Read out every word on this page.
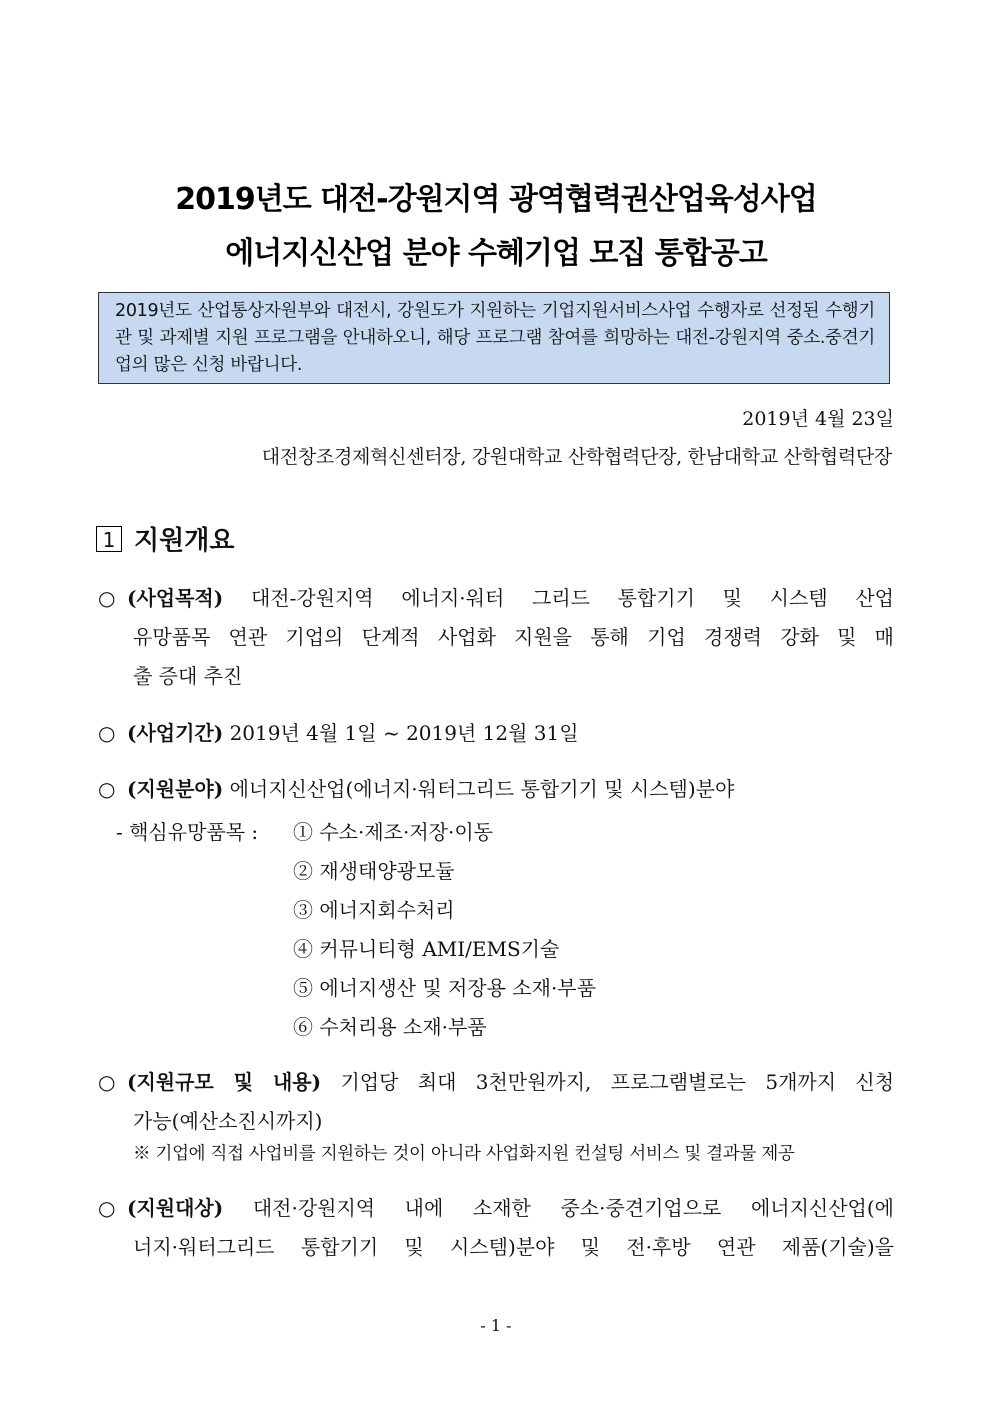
2019년도 대전-강원지역 광역협력권산업육성사업
에너지신산업 분야 수혜기업 모집 통합공고
2019년도 산업통상자원부와 대전시, 강원도가 지원하는 기업지원서비스사업 수행자로 선정된 수행기관 및 과제별 지원 프로그램을 안내하오니, 해당 프로그램 참여를 희망하는 대전-강원지역 중소.중견기업의 많은 신청 바랍니다.
2019년 4월 23일
대전창조경제혁신센터장, 강원대학교 산학협력단장, 한남대학교 산학협력단장
1 지원개요
○ (사업목적) 대전-강원지역 에너지·워터 그리드 통합기기 및 시스템 산업
유망품목 연관 기업의 단계적 사업화 지원을 통해 기업 경쟁력 강화 및 매
출 증대 추진
○ (사업기간) 2019년 4월 1일 ~ 2019년 12월 31일
○ (지원분야) 에너지신산업(에너지·워터그리드 통합기기 및 시스템)분야
- 핵심유망품목 : ① 수소·제조·저장·이동
② 재생태양광모듈
③ 에너지회수처리
④ 커뮤니티형 AMI/EMS기술
⑤ 에너지생산 및 저장용 소재·부품
⑥ 수처리용 소재·부품
○ (지원규모 및 내용) 기업당 최대 3천만원까지, 프로그램별로는 5개까지 신청
가능(예산소진시까지)
※ 기업에 직접 사업비를 지원하는 것이 아니라 사업화지원 컨설팅 서비스 및 결과물 제공
○ (지원대상) 대전·강원지역 내에 소재한 중소·중견기업으로 에너지신산업(에
너지·워터그리드 통합기기 및 시스템)분야 및 전·후방 연관 제품(기술)을
- 1 -
